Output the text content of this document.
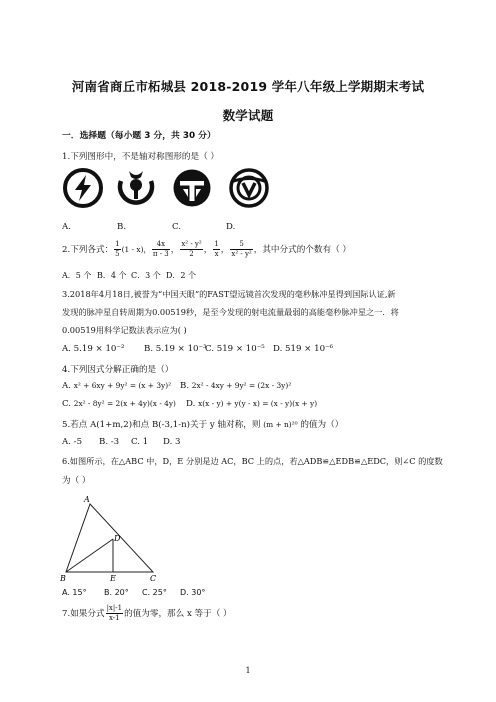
河南省商丘市柘城县 2018-2019 学年八年级上学期期末考试
数学试题
一．选择题（每小题 3 分，共 30 分）
1.下列图形中，不是轴对称图形的是（ ）
A.	B.	C.	D.
2.下列各式： $\frac{1}{5} (1 - x)$， $\frac{4x}{\pi - 3}$ ， $\frac{\text{x² - y²}}{2}$ ， $\frac{1}{x}$ ， $\frac{5}{\text{x² - y²}}$ ，其中分式的个数有（ ）
A．5 个 B．4 个 C．3 个 D．2 个
3.2018年4月18日,被誉为“中国天眼”的FAST望远镜首次发现的毫秒脉冲星得到国际认证,新
发现的脉冲星自转周期为0.00519秒，是至今发现的射电流量最弱的高能毫秒脉冲星之一．将
0.00519用科学记数法表示应为( )
A. 5.19 × 10⁻² B. 5.19 × 10⁻³
C. 519 × 10⁻⁵ D. 519 × 10⁻⁶
4.下列因式分解正确的是（）
A. x² + 6xy + 9y² = (x + 3y)² B. 2x² - 4xy + 9y² = (2x - 3y)²
C. 2x² - 8y² = 2(x + 4y)(x - 4y) D. x(x - y) + y(y - x) = (x - y)(x + y)
5.若点 A(1+m,2)和点 B(-3,1-n)关于 y 轴对称，则 (m + n)²⁰ 的值为（）
A. -5 B. -3 C. 1 D. 3
6.如图所示，在△ABC 中，D，E 分别是边 AC，BC 上的点，若△ADB≌△EDB≌△EDC，则∠C 的度数
为（ ）
A
D
B	E	C
A. 15° B. 20° C. 25° D. 30°
7.如果分式 $\frac{|x|-1}{x-1}$ 的值为零，那么 x 等于（ ）
1
